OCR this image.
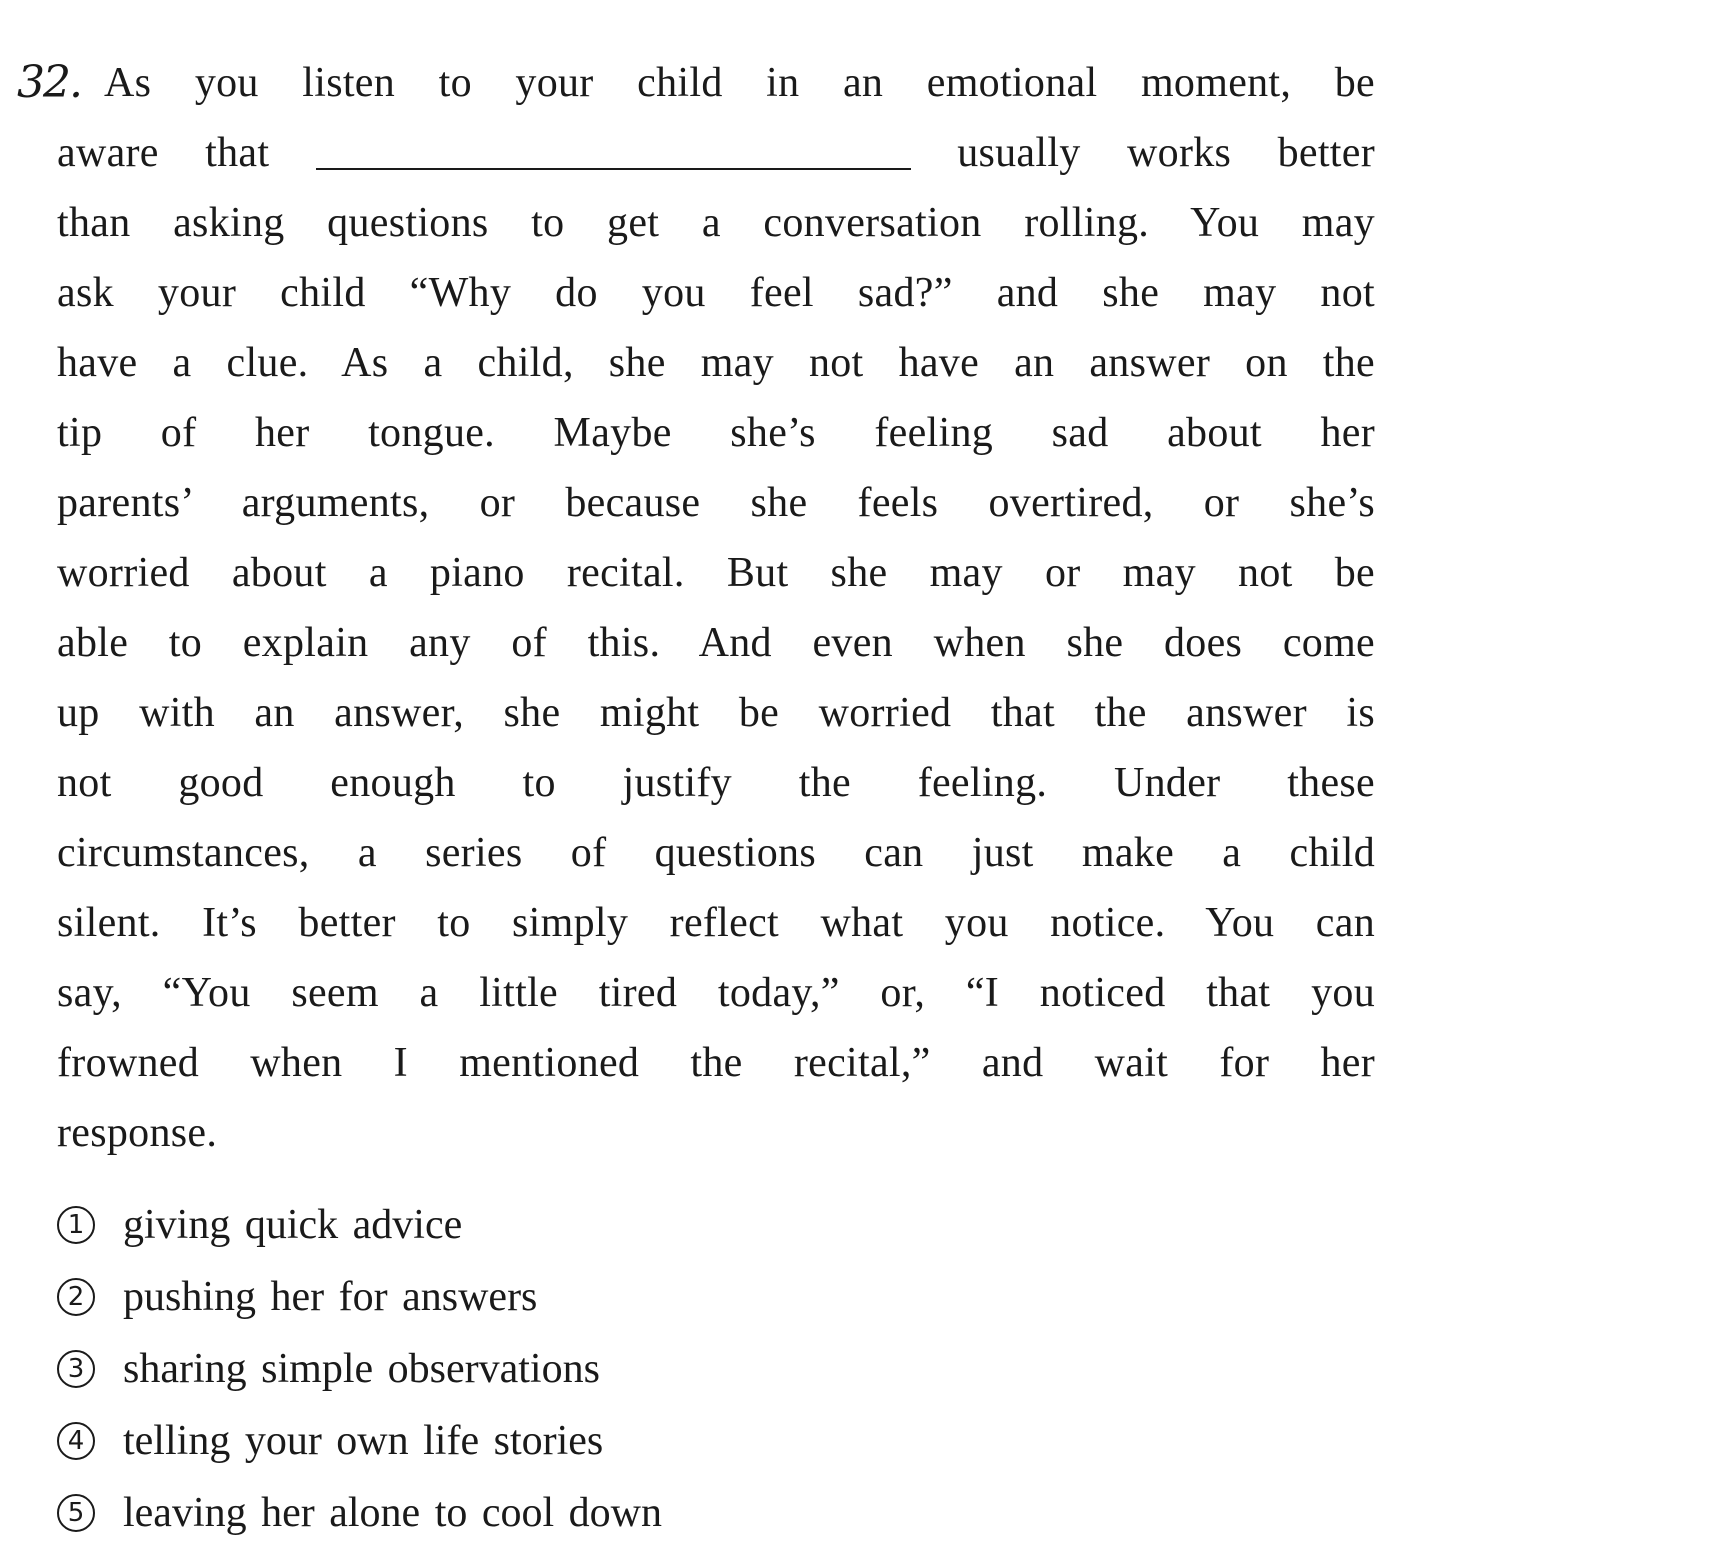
32. As you listen to your child in an emotional moment, be
aware that	usually works better
than asking questions to get a conversation rolling. You may
ask your child “Why do you feel sad?” and she may not
have a clue. As a child, she may not have an answer on the
tip of her tongue. Maybe she’s feeling sad about her
parents’ arguments, or because she feels overtired, or she’s
worried about a piano recital. But she may or may not be
able to explain any of this. And even when she does come
up with an answer, she might be worried that the answer is
not good enough to justify the feeling. Under these
circumstances, a series of questions can just make a child
silent. It’s better to simply reflect what you notice. You can
say, “You seem a little tired today,” or, “I noticed that you
frowned when I mentioned the recital,” and wait for her
response.
1 giving quick advice
2 pushing her for answers
3 sharing simple observations
4 telling your own life stories
5 leaving her alone to cool down
